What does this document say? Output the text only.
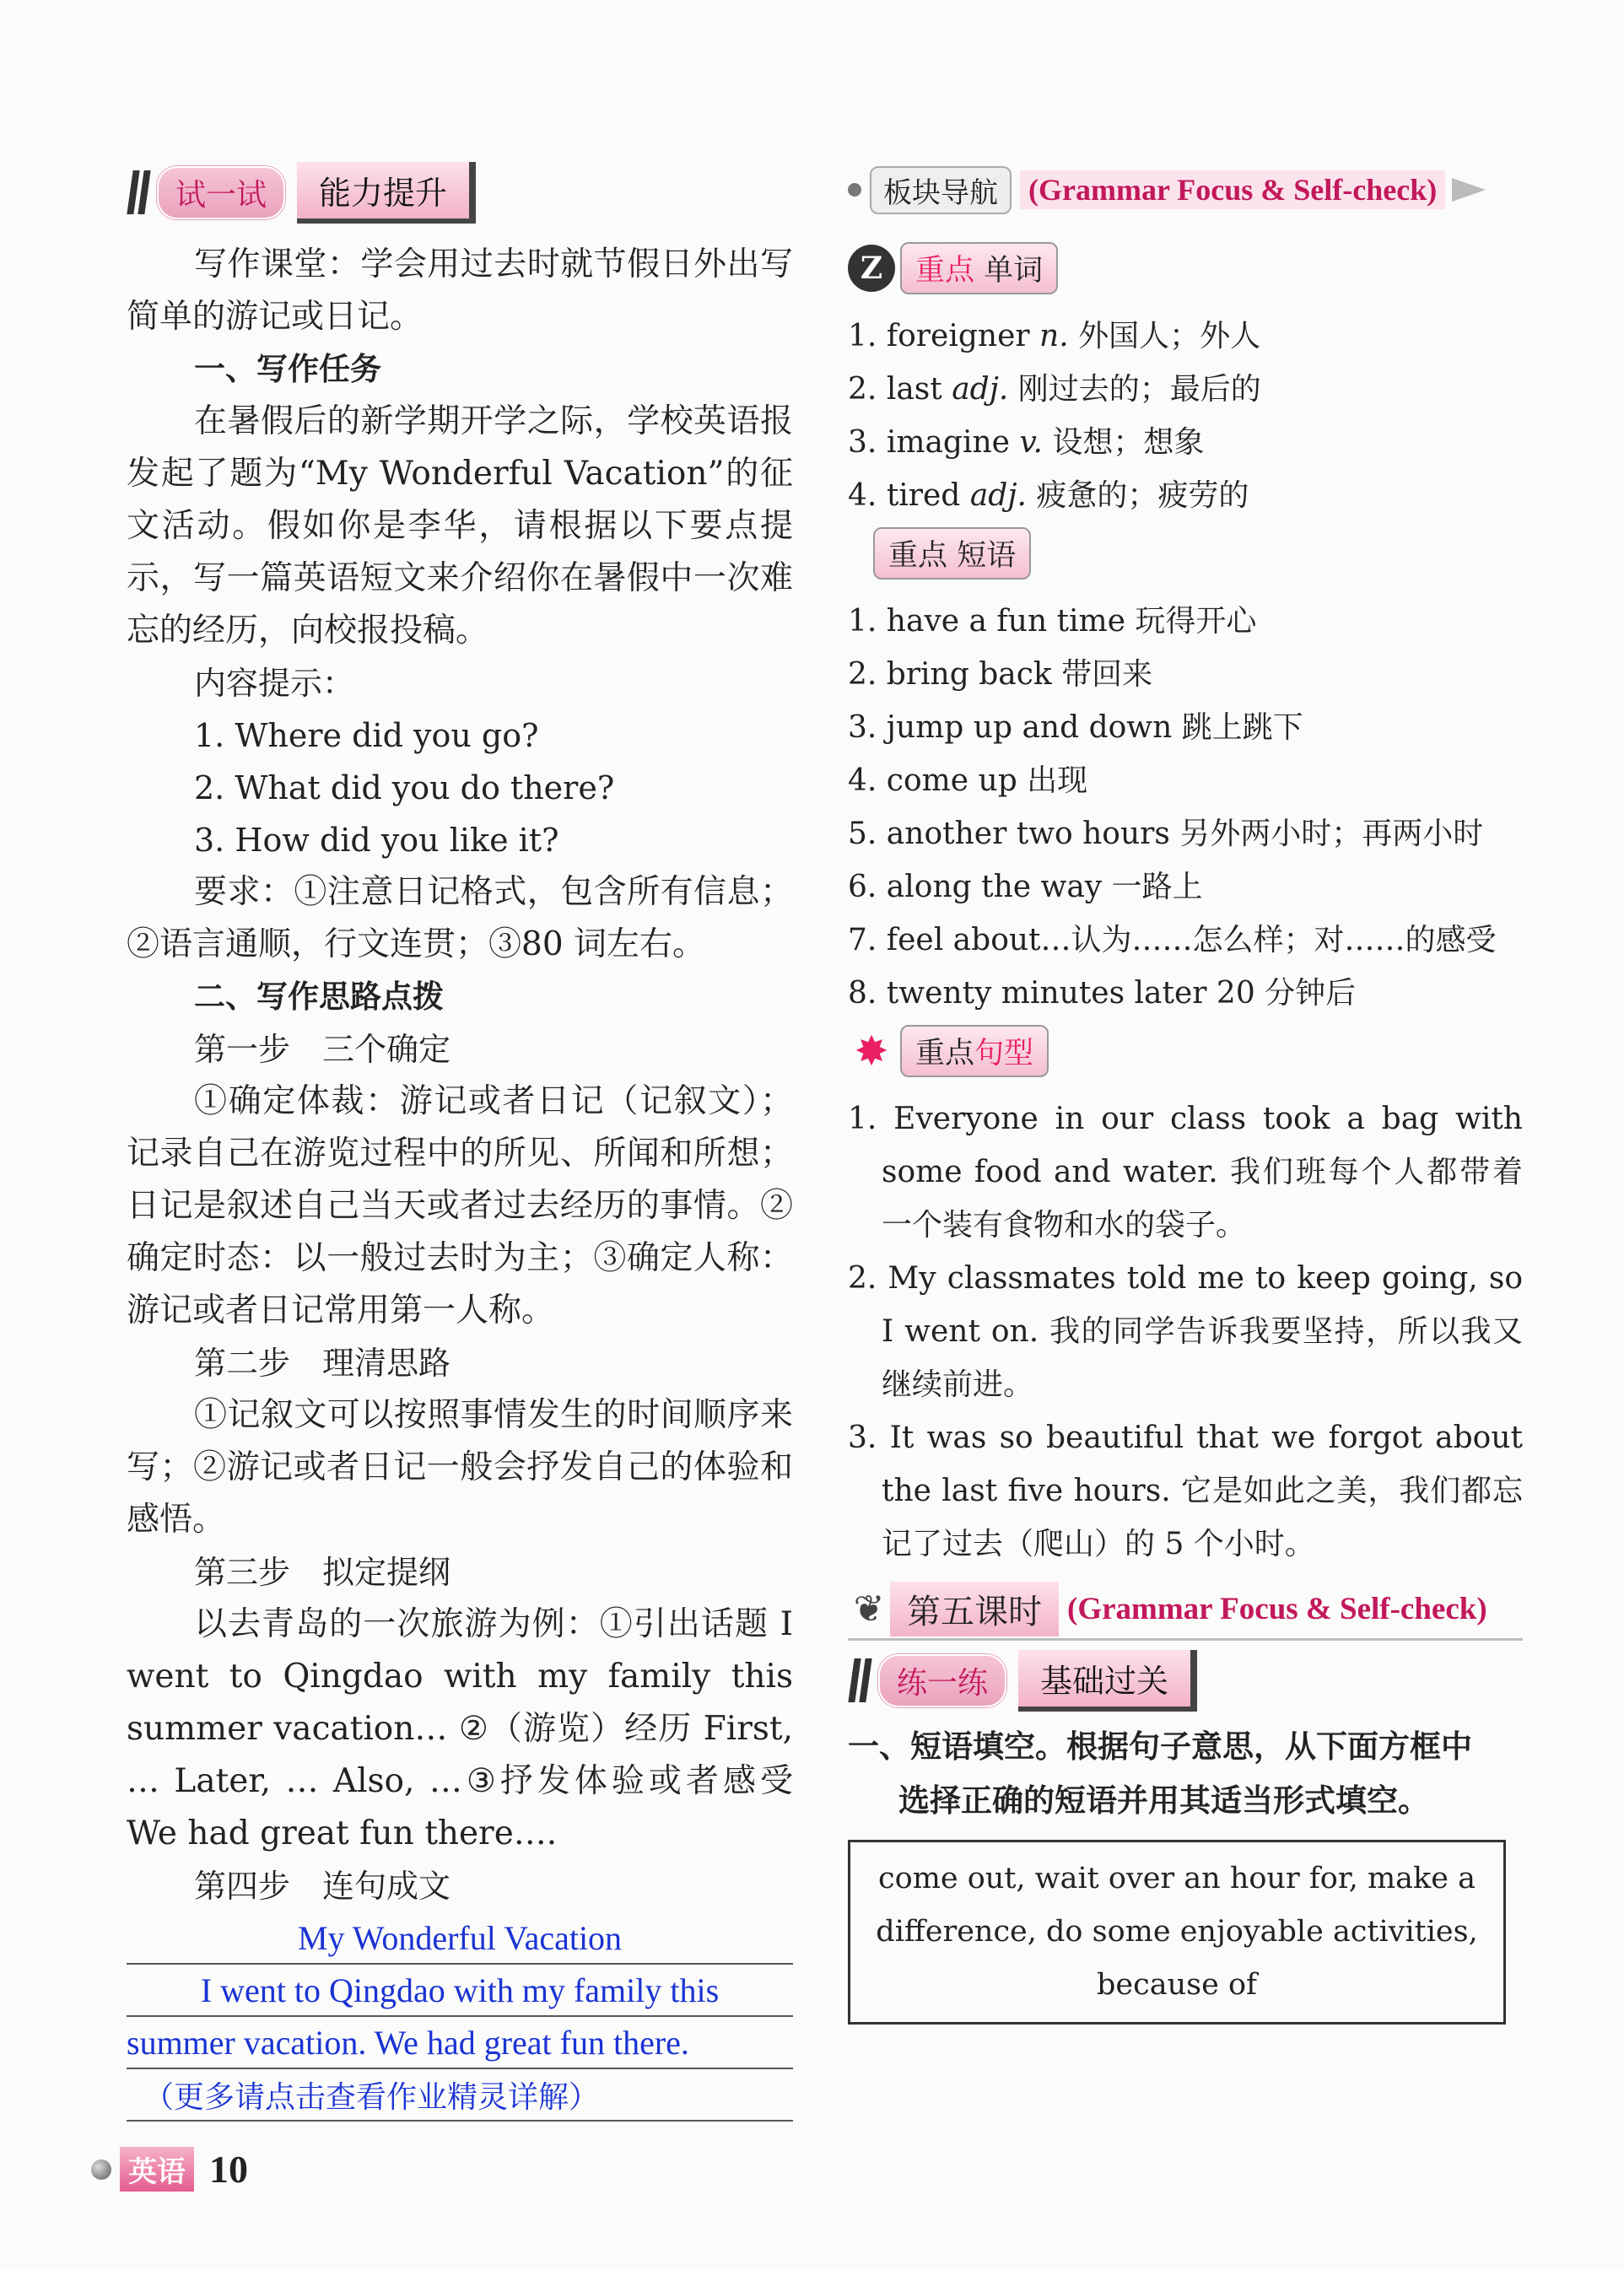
试一试	能力提升

写作课堂：学会用过去时就节假日外出写简单的游记或日记。

一、写作任务

在暑假后的新学期开学之际，学校英语报发起了题为“My Wonderful Vacation”的征文活动。假如你是李华，请根据以下要点提示，写一篇英语短文来介绍你在暑假中一次难忘的经历，向校报投稿。

内容提示：

1. Where did you go?

2. What did you do there?

3. How did you like it?

要求：①注意日记格式，包含所有信息；②语言通顺，行文连贯；③80 词左右。

二、写作思路点拨

第一步　三个确定

①确定体裁：游记或者日记（记叙文）；记录自己在游览过程中的所见、所闻和所想；日记是叙述自己当天或者过去经历的事情。②确定时态：以一般过去时为主；③确定人称：游记或者日记常用第一人称。

第二步　理清思路

①记叙文可以按照事情发生的时间顺序来写；②游记或者日记一般会抒发自己的体验和感悟。

第三步　拟定提纲

以去青岛的一次旅游为例：①引出话题 I went to Qingdao with my family this summer vacation… ②（游览）经历 First, … Later, … Also, …③抒发体验或者感受 We had great fun there….

第四步　连句成文

My Wonderful Vacation
I went to Qingdao with my family this
summer vacation. We had great fun there.
（更多请点击查看作业精灵详解）
板块导航	(Grammar Focus & Self-check)
Z	重点 单词

1. foreigner n. 外国人；外人

2. last adj. 刚过去的；最后的

3. imagine v. 设想；想象

4. tired adj. 疲惫的；疲劳的

重点 短语

1. have a fun time 玩得开心

2. bring back 带回来

3. jump up and down 跳上跳下

4. come up 出现

5. another two hours 另外两小时；再两小时

6. along the way 一路上

7. feel about…认为……怎么样；对……的感受

8. twenty minutes later 20 分钟后

✸ 重点句型

1. Everyone in our class took a bag with some food and water. 我们班每个人都带着一个装有食物和水的袋子。

2. My classmates told me to keep going, so I went on. 我的同学告诉我要坚持，所以我又继续前进。

3. It was so beautiful that we forgot about the last five hours. 它是如此之美，我们都忘记了过去（爬山）的 5 个小时。

❦ 第五课时 (Grammar Focus & Self-check)
练一练	基础过关

一、短语填空。根据句子意思，从下面方框中

选择正确的短语并用其适当形式填空。

come out, wait over an hour for, make a difference, do some enjoyable activities, because of
英语 10
